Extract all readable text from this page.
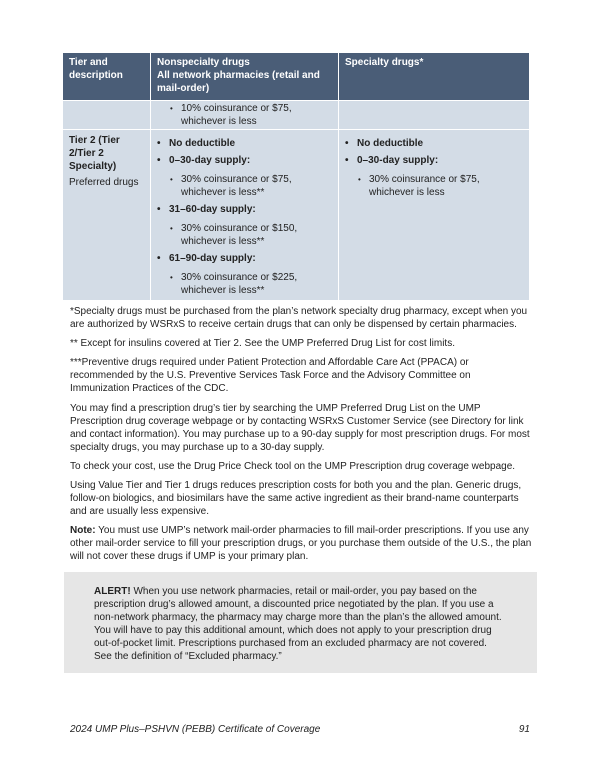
Tier and description
Nonspecialty drugs
All network pharmacies (retail and mail-order)
Specialty drugs*
• 10% coinsurance or $75, whichever is less
Tier 2 (Tier 2/Tier 2 Specialty)
Preferred drugs
• No deductible
• 0–30-day supply:
• 30% coinsurance or $75, whichever is less**
• 31–60-day supply:
• 30% coinsurance or $150, whichever is less**
• 61–90-day supply:
• 30% coinsurance or $225, whichever is less**
• No deductible
• 0–30-day supply:
• 30% coinsurance or $75, whichever is less

*Specialty drugs must be purchased from the plan’s network specialty drug pharmacy, except when you are authorized by WSRxS to receive certain drugs that can only be dispensed by certain pharmacies.

** Except for insulins covered at Tier 2. See the UMP Preferred Drug List for cost limits.

***Preventive drugs required under Patient Protection and Affordable Care Act (PPACA) or recommended by the U.S. Preventive Services Task Force and the Advisory Committee on Immunization Practices of the CDC.

You may find a prescription drug’s tier by searching the UMP Preferred Drug List on the UMP Prescription drug coverage webpage or by contacting WSRxS Customer Service (see Directory for link and contact information). You may purchase up to a 90-day supply for most prescription drugs. For most specialty drugs, you may purchase up to a 30-day supply.

To check your cost, use the Drug Price Check tool on the UMP Prescription drug coverage webpage.

Using Value Tier and Tier 1 drugs reduces prescription costs for both you and the plan. Generic drugs, follow-on biologics, and biosimilars have the same active ingredient as their brand-name counterparts and are usually less expensive.

Note: You must use UMP’s network mail-order pharmacies to fill mail-order prescriptions. If you use any other mail-order service to fill your prescription drugs, or you purchase them outside of the U.S., the plan will not cover these drugs if UMP is your primary plan.

ALERT! When you use network pharmacies, retail or mail-order, you pay based on the prescription drug’s allowed amount, a discounted price negotiated by the plan. If you use a non-network pharmacy, the pharmacy may charge more than the plan’s the allowed amount. You will have to pay this additional amount, which does not apply to your prescription drug out-of-pocket limit. Prescriptions purchased from an excluded pharmacy are not covered. See the definition of “Excluded pharmacy.”

2024 UMP Plus–PSHVN (PEBB) Certificate of Coverage	91
